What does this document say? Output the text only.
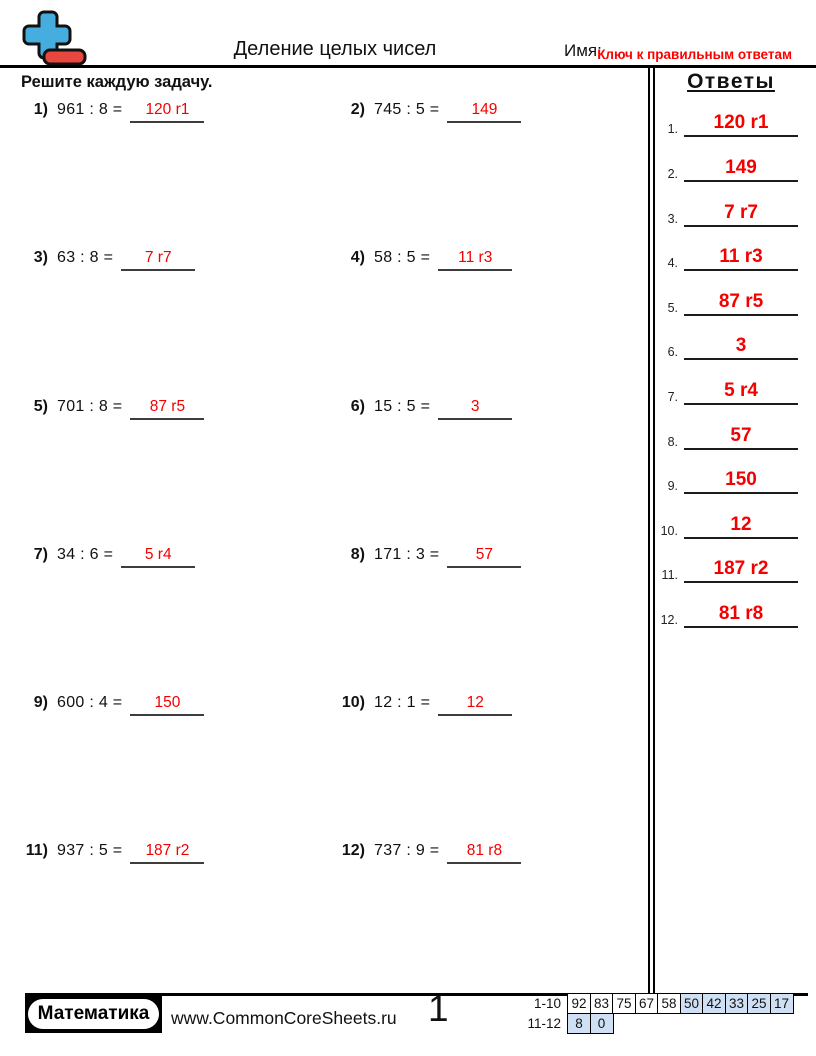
Деление целых чисел	Имя:
Ключ к правильным ответам
Решите каждую задачу.
1) 961 : 8 =	120 r1	2) 745 : 5 =	149
3) 63 : 8 =	7 r7	4) 58 : 5 =	11 r3
5) 701 : 8 =	87 r5	6) 15 : 5 =	3
7) 34 : 6 =	5 r4	8) 171 : 3 =	57
9) 600 : 4 =	150	10) 12 : 1 =	12
11) 937 : 5 =	187 r2	12) 737 : 9 =	81 r8
Ответы
1.	120 r1
2.	149
3.	7 r7
4.	11 r3
5.	87 r5
6.	3
7.	5 r4
8.	57
9.	150
10.	12
11.	187 r2
12.	81 r8
Математика	www.CommonCoreSheets.ru 1	1-10 92 83 75 67 58 50 42 33 25 17
11-12	8	0
